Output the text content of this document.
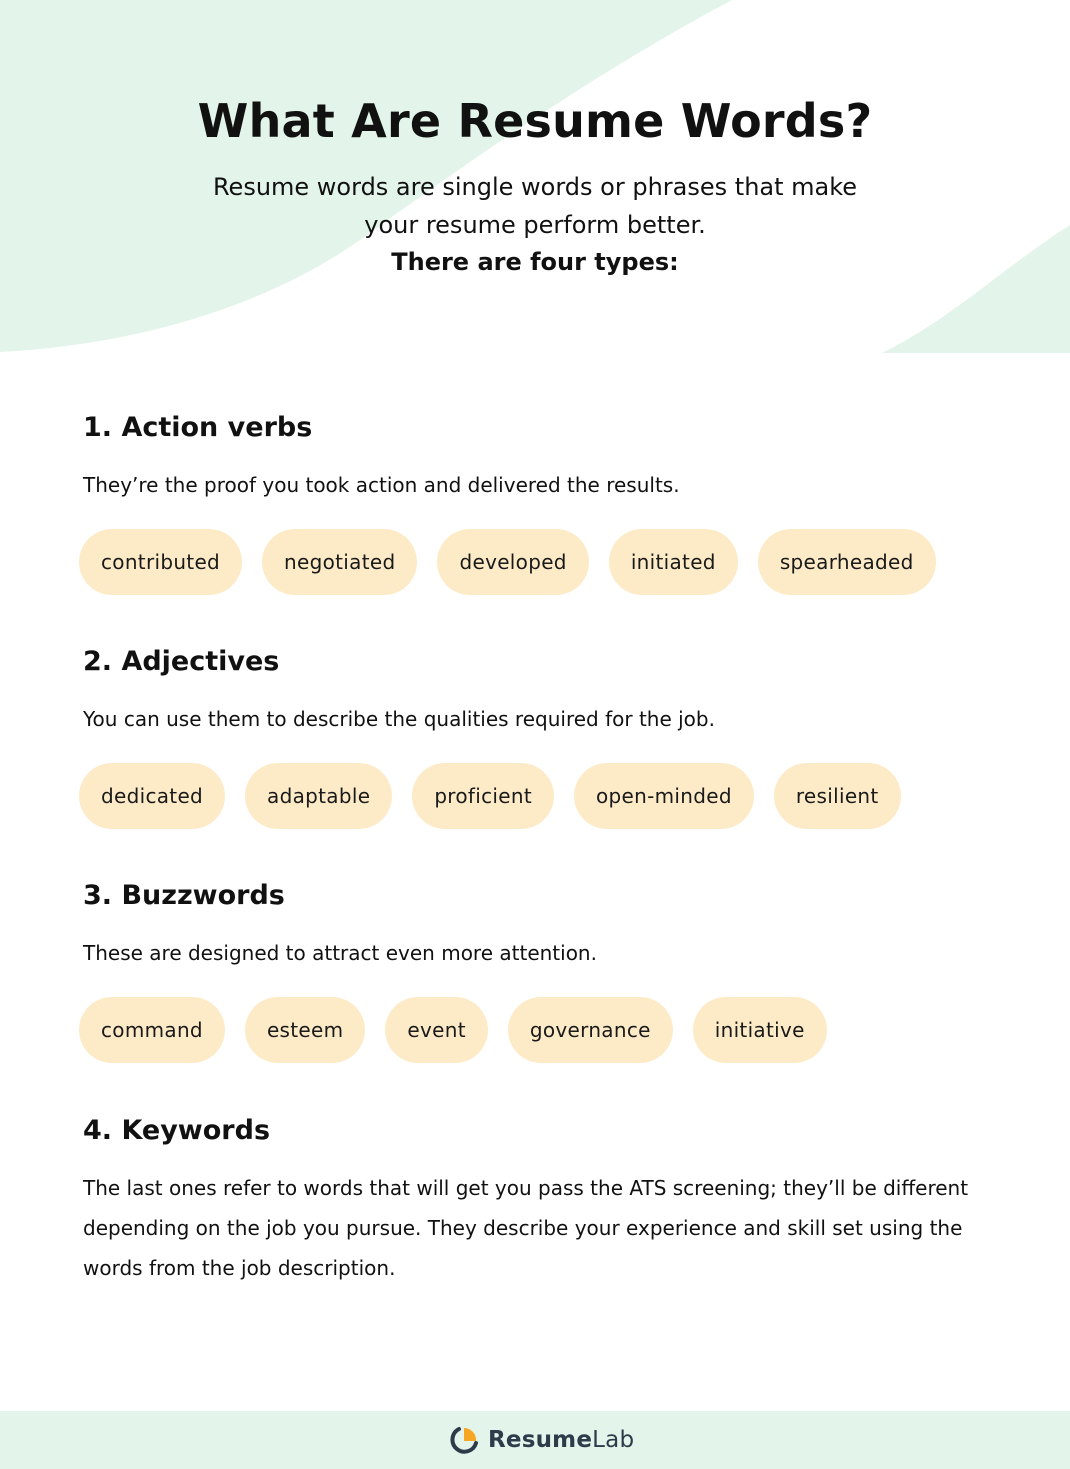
What Are Resume Words?

Resume words are single words or phrases that make your resume perform better.

There are four types:

1. Action verbs

They’re the proof you took action and delivered the results.

contributed	negotiated	developed	initiated	spearheaded
2. Adjectives

You can use them to describe the qualities required for the job.

dedicated	adaptable	proficient	open-minded	resilient
3. Buzzwords

These are designed to attract even more attention.

command	esteem	event	governance	initiative
4. Keywords

The last ones refer to words that will get you pass the ATS screening; they’ll be different depending on the job you pursue. They describe your experience and skill set using the words from the job description.

ResumeLab
